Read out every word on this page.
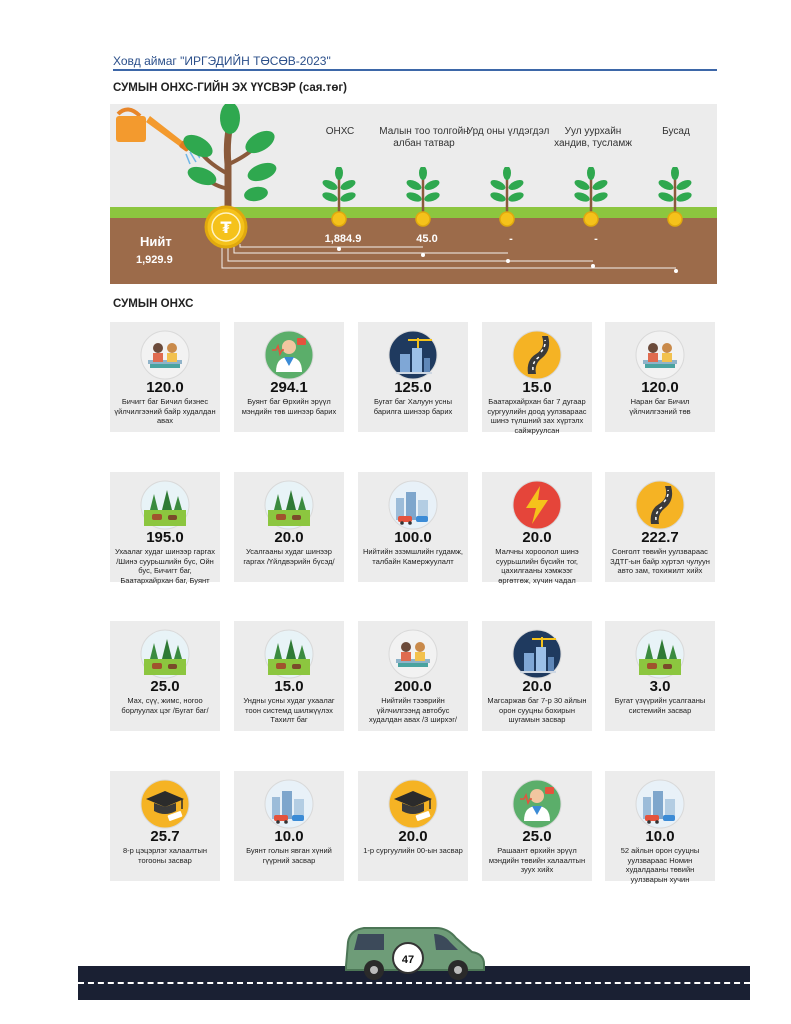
Ховд аймаг "ИРГЭДИЙН ТӨСӨВ-2023"
СУМЫН ОНХС-ГИЙН ЭХ ҮҮСВЭР (сая.төг)
₮
Нийт
1,929.9
ОНХС	Малын тоо толгойн албан татвар
Урд оны үлдэгдэл	Уул уурхайн хандив, тусламж
Бусад
1,884.9	45.0	-	-
СУМЫН ОНХС
120.0
Бичигт баг Бичил бизнес үйлчилгээний байр худалдан авах
294.1
Буянт баг Өрхийн эрүүл мэндийн төв шинээр барих
125.0
Бугат баг Халуун усны барилга шинээр барих
15.0
Баатархайрхан баг 7 дугаар сургуулийн доод уулзвараас шинэ түлшний зах хүртэлх сайжруулсан
120.0
Наран баг Бичил үйлчилгээний төв
195.0
Ухаалаг худаг шинээр гаргах /Шинэ суурьшлийн бүс, Ойн бус, Бичигт баг, Баатархайрхан баг, Буянт
20.0
Усалгааны худаг шинээр гаргах /Үйлдвэрийн бүсэд/
100.0
Нийтийн эзэмшлийн гудамж, талбайн Камержуулалт
20.0
Малчны хороолол шинэ суурьшлийн бүсийн тог, цахилгааны хэмжээг өргөтгөж, хүчин чадал
222.7
Сонголт төвийн уулзвараас ЗДТГ-ын байр хүртэл чулуун авто зам, тохижилт хийх
25.0
Мах, сүү, жимс, ногоо борлуулах цэг /Бугат баг/
15.0
Ундны усны худаг ухаалаг тоон системд шилжүүлэх Тахилт баг
200.0
Нийтийн тээврийн үйлчилгээнд автобус худалдан авах /3 ширхэг/
20.0
Магсаржав баг 7-р 30 айлын орон сууцны бохирын шугамын засвар
3.0
Бугат үзүүрийн усалгааны системийн засвар
25.7
8-р цэцэрлэг халаалтын тогооны засвар
10.0
Буянт голын явган хүний гүүрний засвар
20.0
1-р сургуулийн 00-ын засвар
25.0
Рашаант өрхийн эрүүл мэндийн төвийн халаалтын зуух хийх
10.0
52 айлын орон сууцны уулзвараас Номин худалдааны төвийн уулзварын хучин
47
